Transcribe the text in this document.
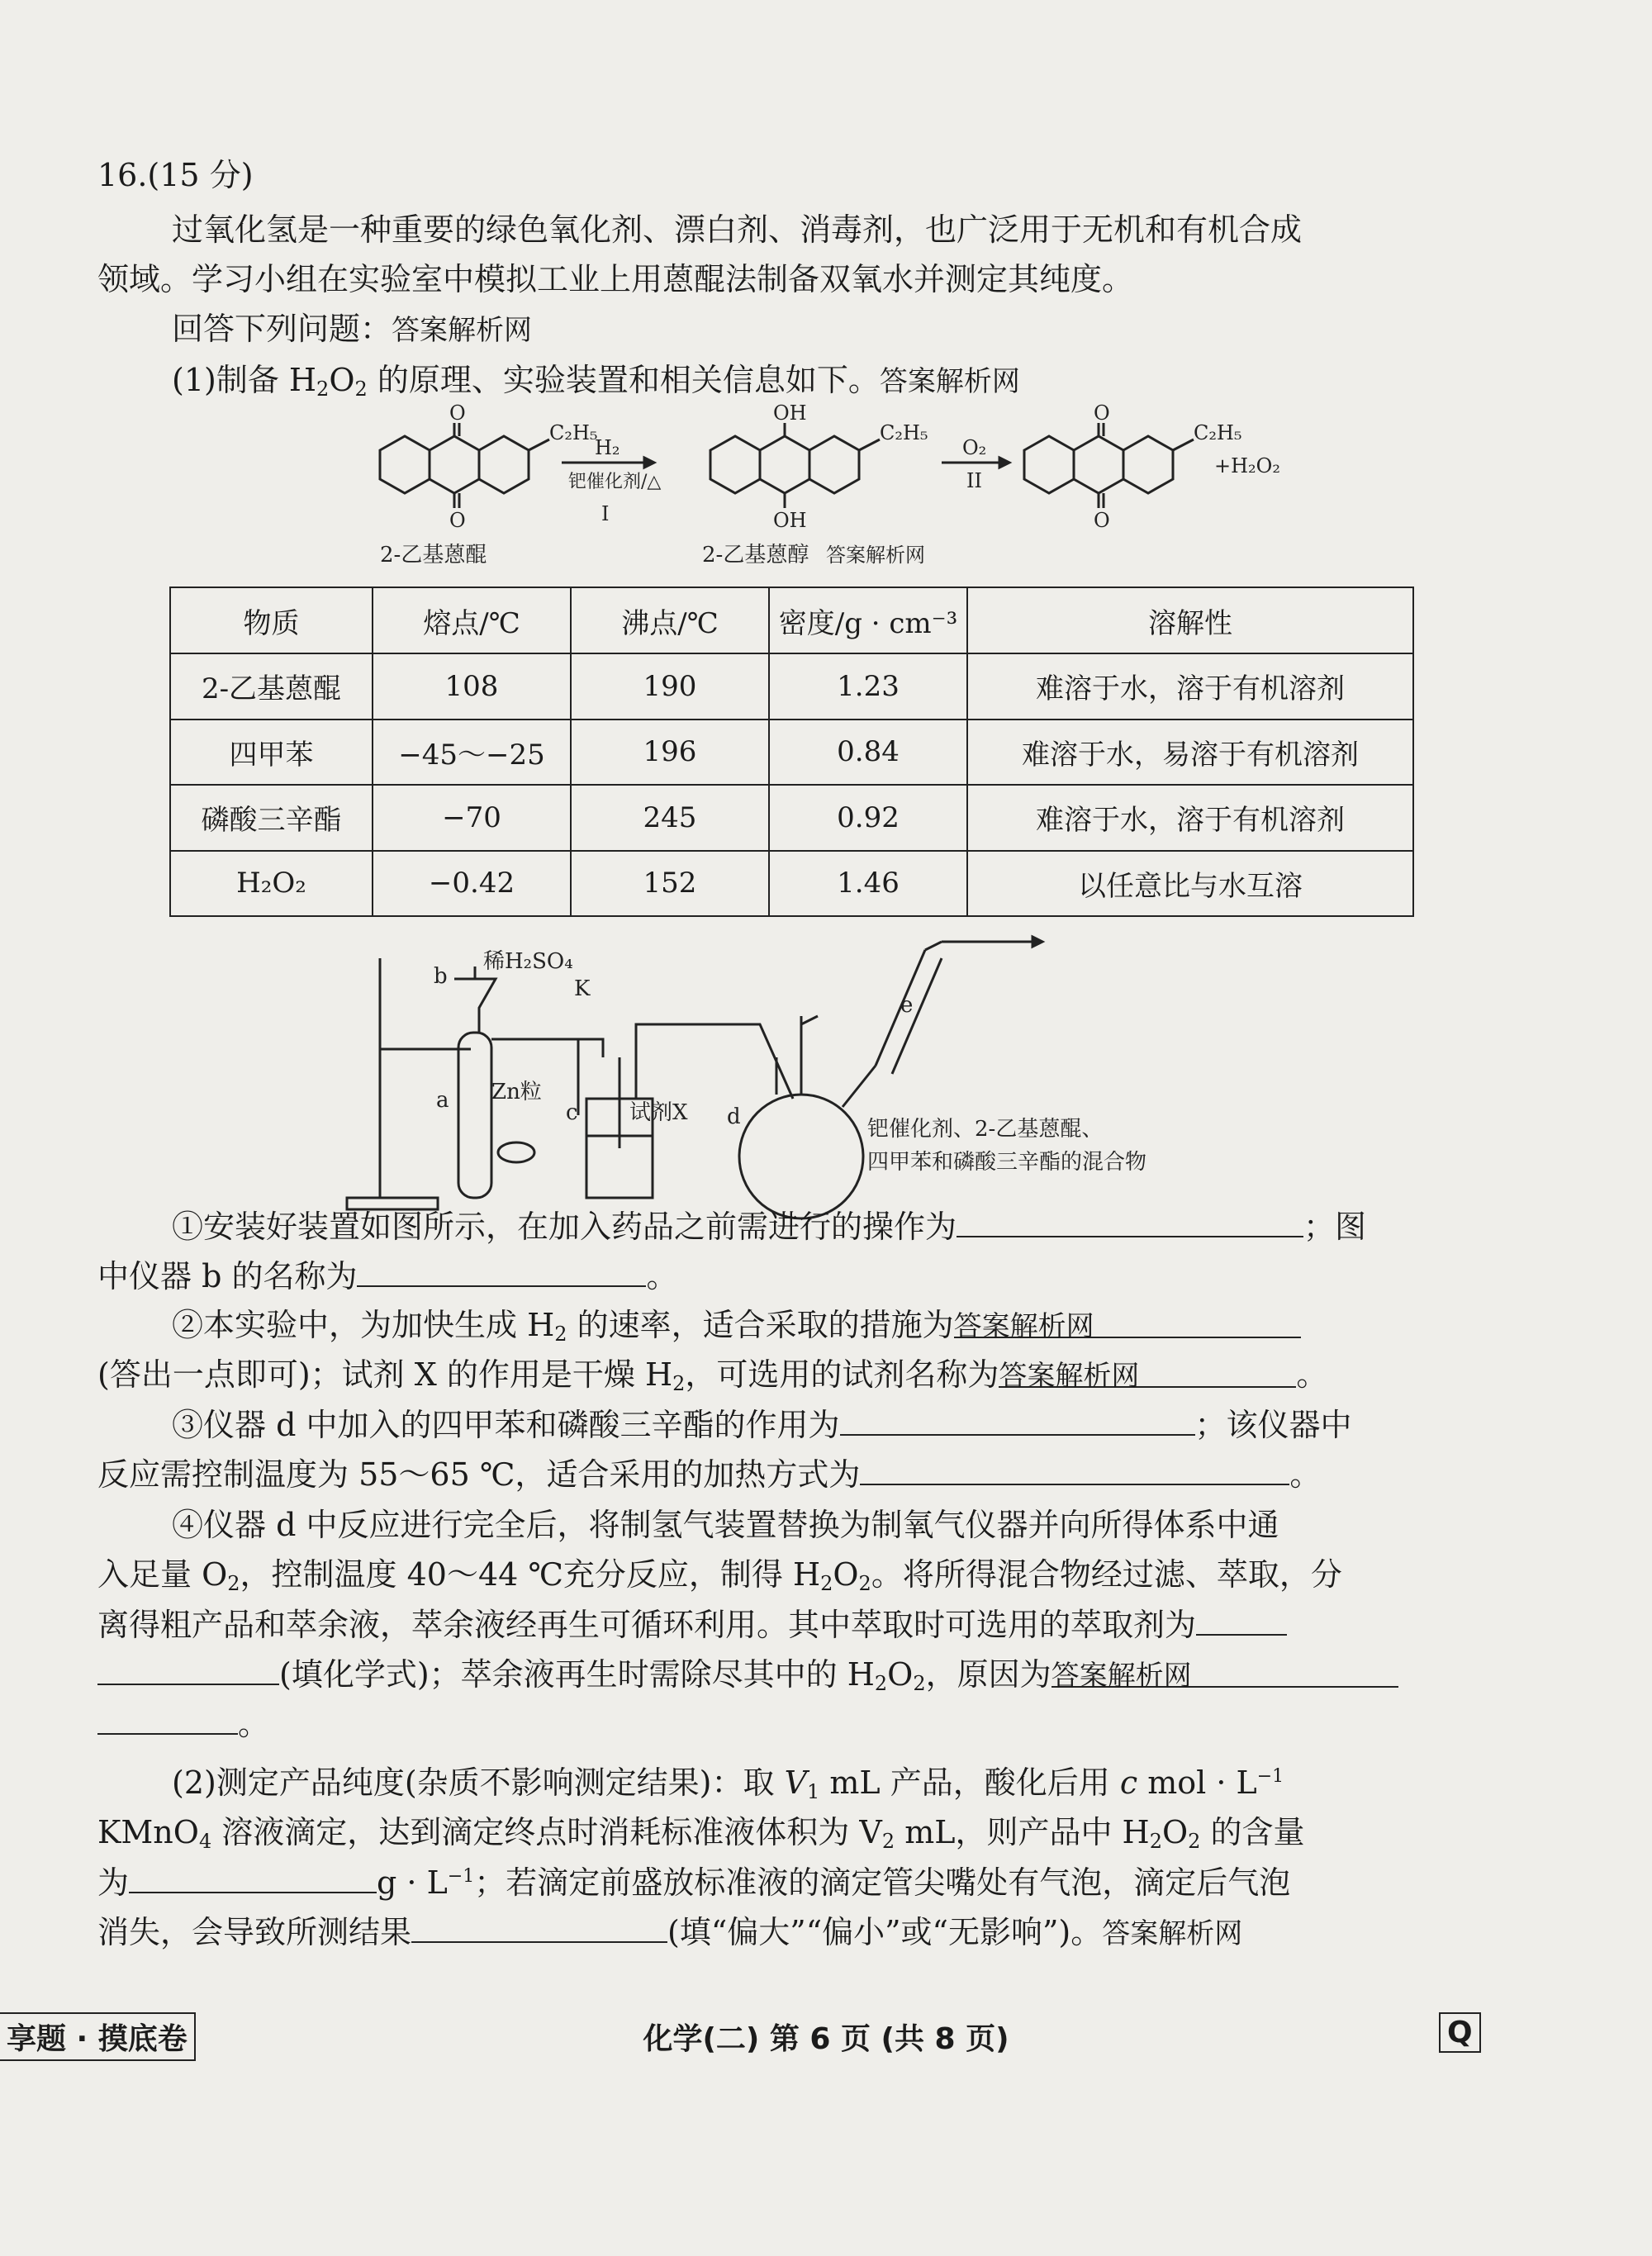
16.(15 分)
过氧化氢是一种重要的绿色氧化剂、漂白剂、消毒剂，也广泛用于无机和有机合成
领域。学习小组在实验室中模拟工业上用蒽醌法制备双氧水并测定其纯度。
回答下列问题：答案解析网
(1)制备 $H_2O_2$ 的原理、实验装置和相关信息如下。答案解析网
O
O
C₂H₅
H₂
钯催化剂/△
I
OH
OH
C₂H₅
O₂
II
O
O
C₂H₅
+H₂O₂
2-乙基蒽醌	2-乙基蒽醇 答案解析网
物质	熔点/℃	沸点/℃	密度/g · cm⁻³	溶解性
2-乙基蒽醌	108	190	1.23	难溶于水，溶于有机溶剂
四甲苯	−45～−25	196	0.84	难溶于水，易溶于有机溶剂
磷酸三辛酯	−70	245	0.92	难溶于水，溶于有机溶剂
H₂O₂	−0.42	152	1.46	以任意比与水互溶
b
稀H₂SO₄
K
a Zn粒
c 试剂X d
e
钯催化剂、2-乙基蒽醌、
四甲苯和磷酸三辛酯的混合物
①安装好装置如图所示，在加入药品之前需进行的操作为	；图
中仪器 b 的名称为	。
②本实验中，为加快生成 $H_2$ 的速率，适合采取的措施为答案解析网
(答出一点即可)；试剂 X 的作用是干燥 $H_2$，可选用的试剂名称为答案解析网	。
③仪器 d 中加入的四甲苯和磷酸三辛酯的作用为	；该仪器中
反应需控制温度为 55～65 ℃，适合采用的加热方式为	。
④仪器 d 中反应进行完全后，将制氢气装置替换为制氧气仪器并向所得体系中通
入足量 $O_2$，控制温度 40～44 ℃充分反应，制得 $H_2O_2$。将所得混合物经过滤、萃取，分
离得粗产品和萃余液，萃余液经再生可循环利用。其中萃取时可选用的萃取剂为
(填化学式)；萃余液再生时需除尽其中的 $H_2O_2$，原因为答案解析网
。
(2)测定产品纯度(杂质不影响测定结果)：取 $V_1$ mL 产品，酸化后用 c mol · $L^{-1}$
KMnO$_4$ 溶液滴定，达到滴定终点时消耗标准液体积为 $V_2$ mL，则产品中 $H_2O_2$ 的含量
为	$g \cdot L^{-1}$；若滴定前盛放标准液的滴定管尖嘴处有气泡，滴定后气泡
消失，会导致所测结果	(填“偏大”“偏小”或“无影响”)。答案解析网
享题 · 摸底卷	化学(二) 第 6 页 (共 8 页)	Q
